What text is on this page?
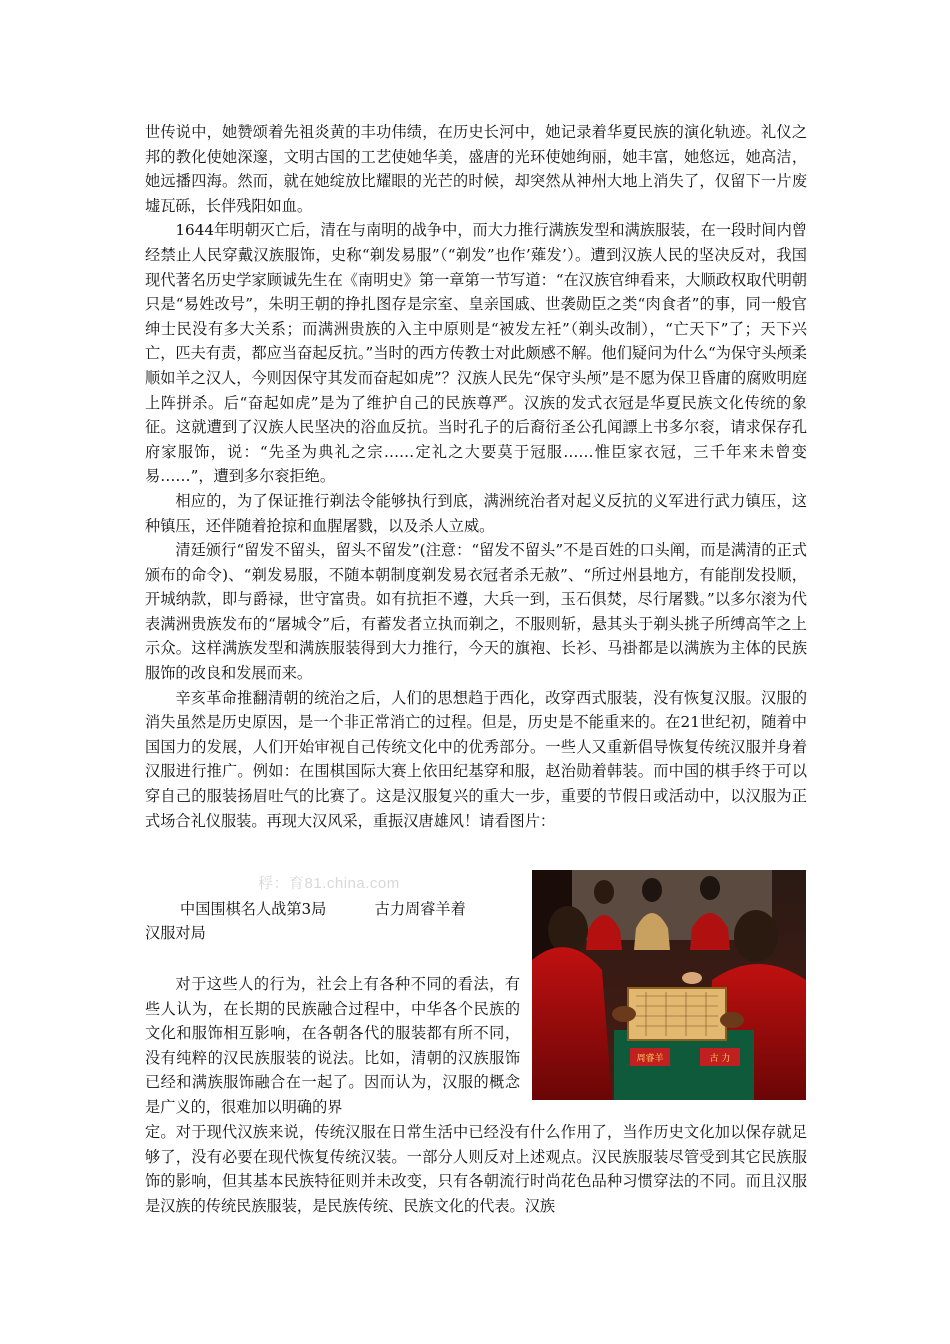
世传说中，她赞颂着先祖炎黄的丰功伟绩，在历史长河中，她记录着华夏民族的演化轨迹。礼仪之邦的教化使她深邃，文明古国的工艺使她华美，盛唐的光环使她绚丽，她丰富，她悠远，她高洁，她远播四海。然而，就在她绽放比耀眼的光芒的时候，却突然从神州大地上消失了，仅留下一片废墟瓦砾，长伴残阳如血。

1644年明朝灭亡后，清在与南明的战争中，而大力推行满族发型和满族服装，在一段时间内曾经禁止人民穿戴汉族服饰，史称“剃发易服”（“剃发”也作’薙发’）。遭到汉族人民的坚决反对，我国现代著名历史学家顾诚先生在《南明史》第一章第一节写道：“在汉族官绅看来，大顺政权取代明朝只是“易姓改号”，朱明王朝的挣扎图存是宗室、皇亲国戚、世袭勋臣之类“肉食者”的事，同一般官绅士民没有多大关系；而满洲贵族的入主中原则是“被发左衽”（剃头改制），“亡天下”了；天下兴亡，匹夫有责，都应当奋起反抗。”当时的西方传教士对此颇感不解。他们疑问为什么“为保守头颅柔顺如羊之汉人，今则因保守其发而奋起如虎”？汉族人民先“保守头颅”是不愿为保卫昏庸的腐败明庭上阵拼杀。后“奋起如虎”是为了维护自己的民族尊严。汉族的发式衣冠是华夏民族文化传统的象征。这就遭到了汉族人民坚决的浴血反抗。当时孔子的后裔衍圣公孔闻謤上书多尔衮，请求保存孔府家服饰，说：“先圣为典礼之宗……定礼之大要莫于冠服……惟臣家衣冠，三千年来未曾变易……”，遭到多尔衮拒绝。

相应的，为了保证推行剃法令能够执行到底，满洲统治者对起义反抗的义军进行武力镇压，这种镇压，还伴随着抢掠和血腥屠戮，以及杀人立威。

清廷颁行“留发不留头，留头不留发”(注意：“留发不留头”不是百姓的口头阐，而是满清的正式颁布的命令)、“剃发易服，不随本朝制度剃发易衣冠者杀无赦”、“所过州县地方，有能削发投顺，开城纳款，即与爵禄，世守富贵。如有抗拒不遵，大兵一到，玉石俱焚，尽行屠戮。”以多尔滚为代表满洲贵族发布的“屠城令”后，有蓄发者立执而剃之，不服则斩，悬其头于剃头挑子所缚高竿之上示众。这样满族发型和满族服装得到大力推行，今天的旗袍、长衫、马褂都是以满族为主体的民族服饰的改良和发展而来。

辛亥革命推翻清朝的统治之后，人们的思想趋于西化，改穿西式服装，没有恢复汉服。汉服的消失虽然是历史原因，是一个非正常消亡的过程。但是，历史是不能重来的。在21世纪初，随着中国国力的发展，人们开始审视自己传统文化中的优秀部分。一些人又重新倡导恢复传统汉服并身着汉服进行推广。例如：在围棋国际大赛上依田纪基穿和服，赵治勋着韩装。而中国的棋手终于可以穿自己的服装扬眉吐气的比赛了。这是汉服复兴的重大一步，重要的节假日或活动中，以汉服为正式场合礼仪服装。再现大汉风采，重振汉唐雄风！请看图片：

稃：育81.china.com
中国围棋名人战第3局          古力周睿羊着
汉服对局

对于这些人的行为，社会上有各种不同的看法，有些人认为，在长期的民族融合过程中，中华各个民族的文化和服饰相互影响，在各朝各代的服装都有所不同，没有纯粹的汉民族服装的说法。比如，清朝的汉族服饰已经和满族服饰融合在一起了。因而认为，汉服的概念是广义的，很难加以明确的界

定。对于现代汉族来说，传统汉服在日常生活中已经没有什么作用了，当作历史文化加以保存就足够了，没有必要在现代恢复传统汉装。一部分人则反对上述观点。汉民族服装尽管受到其它民族服饰的影响，但其基本民族特征则并未改变，只有各朝流行时尚花色品种习惯穿法的不同。而且汉服是汉族的传统民族服装，是民族传统、民族文化的代表。汉族

周睿羊	古 力
